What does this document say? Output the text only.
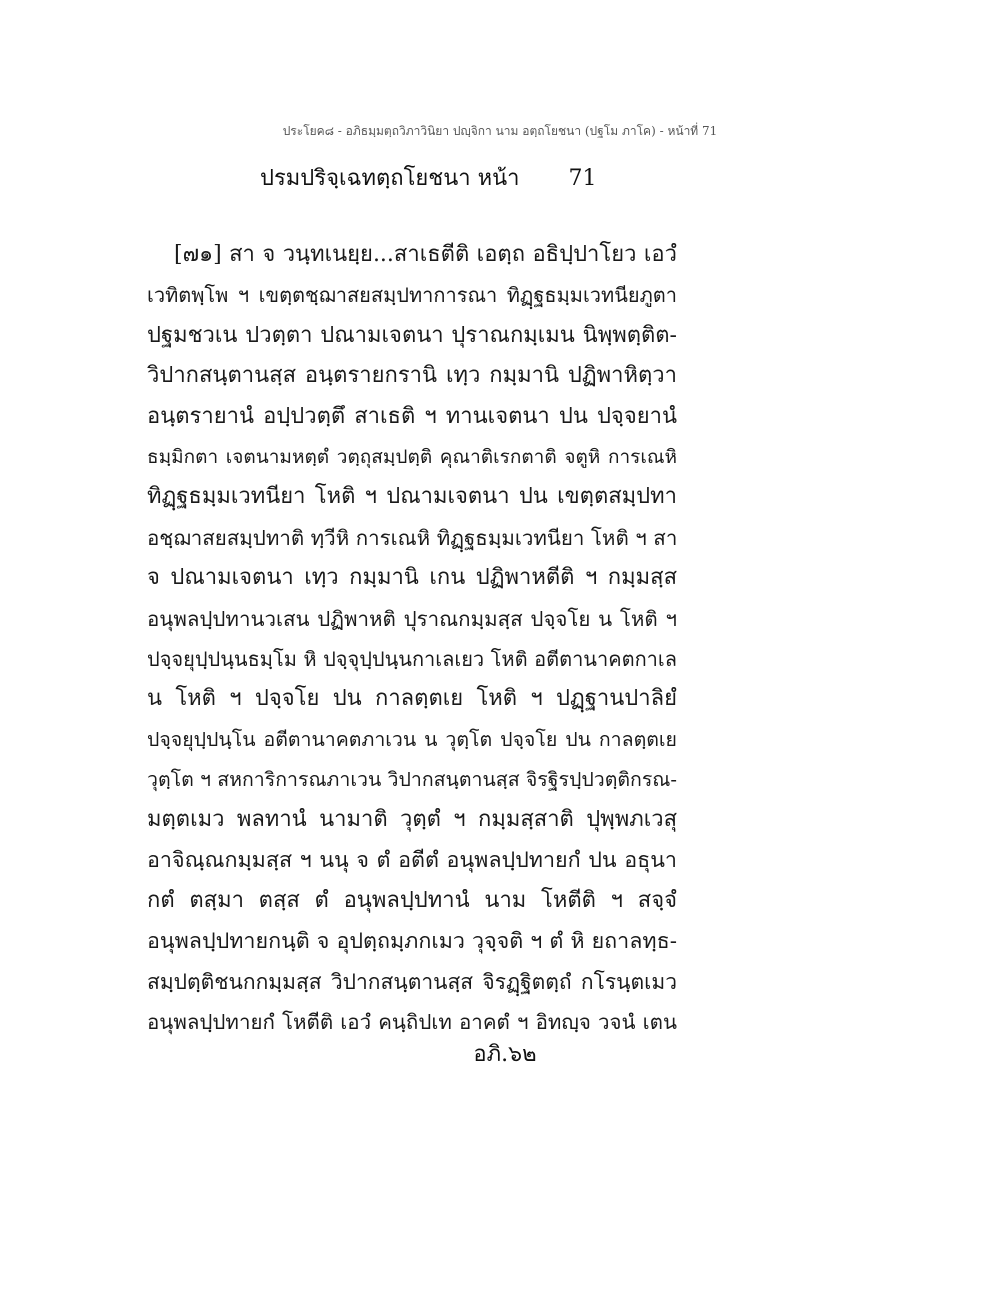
ประโยค๘ - อภิธมฺมตฺถวิภาวินิยา ปญฺจิกา นาม อตฺถโยชนา (ปฐโม ภาโค) - หน้าที่ 71
ปรมปริจฺเฉทตฺถโยชนา หน้า 71
[๗๑] สา จ วนฺทเนยฺย...สาเธตีติ เอตฺถ อธิปฺปาโยว เอวํ
เวทิตพฺโพ ฯ เขตฺตชฺฌาสยสมฺปทาการณา ทิฏฺฐธมฺมเวทนียภูตา
ปฐมชวเน ปวตฺตา ปณามเจตนา ปุราณกมฺเมน นิพฺพตฺติต-
วิปากสนฺตานสฺส อนฺตรายกรานิ เทฺว กมฺมานิ ปฏิพาหิตฺวา
อนฺตรายานํ อปฺปวตฺตึ สาเธติ ฯ ทานเจตนา ปน ปจฺจยานํ
ธมฺมิกตา เจตนามหตฺตํ วตฺถุสมฺปตฺติ คุณาติเรกตาติ จตูหิ การเณหิ
ทิฏฺฐธมฺมเวทนียา โหติ ฯ ปณามเจตนา ปน เขตฺตสมฺปทา
อชฺฌาสยสมฺปทาติ ทฺวีหิ การเณหิ ทิฏฺฐธมฺมเวทนียา โหติ ฯ สา
จ ปณามเจตนา เทฺว กมฺมานิ เกน ปฏิพาหตีติ ฯ กมฺมสฺส
อนุพลปฺปทานวเสน ปฏิพาหติ ปุราณกมฺมสฺส ปจฺจโย น โหติ ฯ
ปจฺจยุปฺปนฺนธมฺโม หิ ปจฺจุปฺปนฺนกาเลเยว โหติ อตีตานาคตกาเล
น โหติ ฯ ปจฺจโย ปน กาลตฺตเย โหติ ฯ ปฏฺฐานปาลิยํ
ปจฺจยุปฺปนฺโน อตีตานาคตภาเวน น วุตฺโต ปจฺจโย ปน กาลตฺตเย
วุตฺโต ฯ สหการิการณภาเวน วิปากสนฺตานสฺส จิรฐิรปฺปวตฺติกรณ-
มตฺตเมว พลทานํ นามาติ วุตฺตํ ฯ กมฺมสฺสาติ ปุพฺพภเวสุ
อาจิณฺณกมฺมสฺส ฯ นนุ จ ตํ อตีตํ อนุพลปฺปทายกํ ปน อธุนา
กตํ ตสฺมา ตสฺส ตํ อนุพลปฺปทานํ นาม โหตีติ ฯ สจฺจํ
อนุพลปฺปทายกนฺติ จ อุปตฺถมฺภกเมว วุจฺจติ ฯ ตํ หิ ยถาลทฺธ-
สมฺปตฺติชนกกมฺมสฺส วิปากสนฺตานสฺส จิรฏฺฐิตตฺถํ กโรนฺตเมว
อนุพลปฺปทายกํ โหตีติ เอวํ คนฺถิปเท อาคตํ ฯ อิทญฺจ วจนํ เตน
อภิ.๖๒
